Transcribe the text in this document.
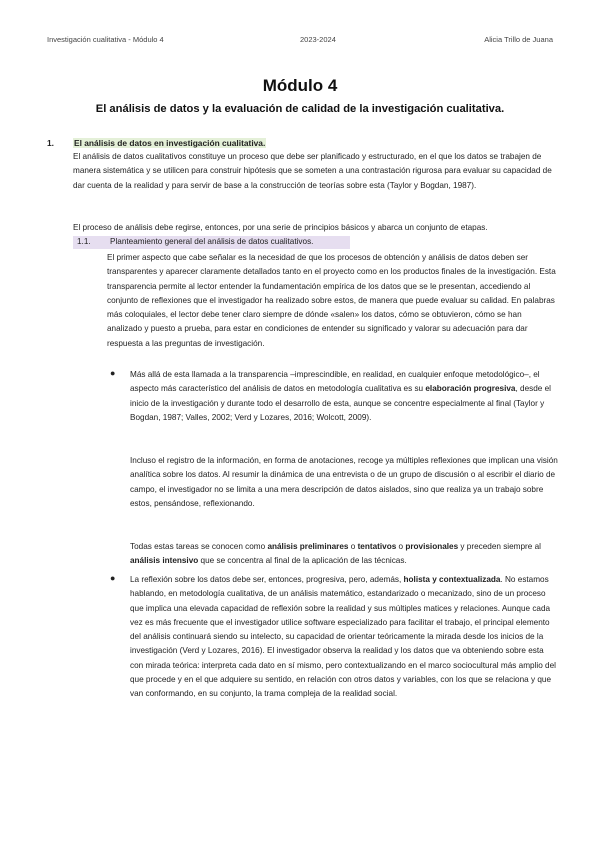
Investigación cualitativa - Módulo 4	2023-2024	Alicia Trillo de Juana
Módulo 4
El análisis de datos y la evaluación de calidad de la investigación cualitativa.
1. El análisis de datos en investigación cualitativa.
El análisis de datos cualitativos constituye un proceso que debe ser planificado y estructurado, en el que los datos se trabajen de manera sistemática y se utilicen para construir hipótesis que se someten a una contrastación rigurosa para evaluar su capacidad de dar cuenta de la realidad y para servir de base a la construcción de teorías sobre esta (Taylor y Bogdan, 1987).
El proceso de análisis debe regirse, entonces, por una serie de principios básicos y abarca un conjunto de etapas.
1.1. Planteamiento general del análisis de datos cualitativos.
El primer aspecto que cabe señalar es la necesidad de que los procesos de obtención y análisis de datos deben ser transparentes y aparecer claramente detallados tanto en el proyecto como en los productos finales de la investigación. Esta transparencia permite al lector entender la fundamentación empírica de los datos que se le presentan, accediendo al conjunto de reflexiones que el investigador ha realizado sobre estos, de manera que puede evaluar su calidad. En palabras más coloquiales, el lector debe tener claro siempre de dónde «salen» los datos, cómo se obtuvieron, cómo se han analizado y puesto a prueba, para estar en condiciones de entender su significado y valorar su adecuación para dar respuesta a las preguntas de investigación.
● Más allá de esta llamada a la transparencia –imprescindible, en realidad, en cualquier enfoque metodológico–, el aspecto más característico del análisis de datos en metodología cualitativa es su elaboración progresiva, desde el inicio de la investigación y durante todo el desarrollo de esta, aunque se concentre especialmente al final (Taylor y Bogdan, 1987; Valles, 2002; Verd y Lozares, 2016; Wolcott, 2009).
Incluso el registro de la información, en forma de anotaciones, recoge ya múltiples reflexiones que implican una visión analítica sobre los datos. Al resumir la dinámica de una entrevista o de un grupo de discusión o al escribir el diario de campo, el investigador no se limita a una mera descripción de datos aislados, sino que realiza ya un trabajo sobre estos, pensándose, reflexionando.
Todas estas tareas se conocen como análisis preliminares o tentativos o provisionales y preceden siempre al análisis intensivo que se concentra al final de la aplicación de las técnicas.
● La reflexión sobre los datos debe ser, entonces, progresiva, pero, además, holista y contextualizada. No estamos hablando, en metodología cualitativa, de un análisis matemático, estandarizado o mecanizado, sino de un proceso que implica una elevada capacidad de reflexión sobre la realidad y sus múltiples matices y relaciones. Aunque cada vez es más frecuente que el investigador utilice software especializado para facilitar el trabajo, el principal elemento del análisis continuará siendo su intelecto, su capacidad de orientar teóricamente la mirada desde los inicios de la investigación (Verd y Lozares, 2016). El investigador observa la realidad y los datos que va obteniendo sobre esta con mirada teórica: interpreta cada dato en sí mismo, pero contextualizando en el marco sociocultural más amplio del que procede y en el que adquiere su sentido, en relación con otros datos y variables, con los que se relaciona y que van conformando, en su conjunto, la trama compleja de la realidad social.
